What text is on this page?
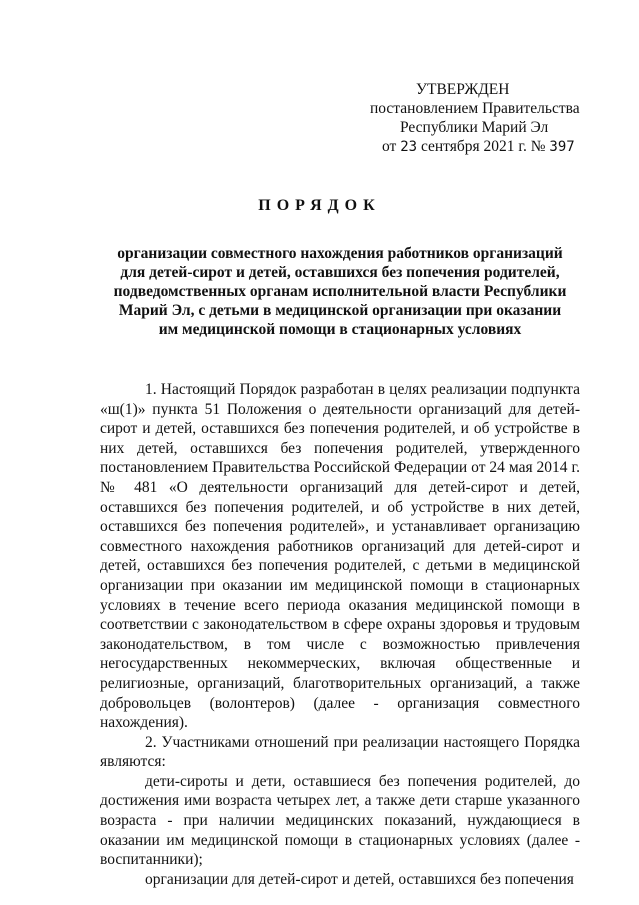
УТВЕРЖДЕН
постановлением Правительства
Республики Марий Эл
от 23 сентября 2021 г. № 397
ПОРЯДОК
организации совместного нахождения работников организаций
для детей-сирот и детей, оставшихся без попечения родителей,
подведомственных органам исполнительной власти Республики
Марий Эл, с детьми в медицинской организации при оказании
им медицинской помощи в стационарных условиях

1. Настоящий Порядок разработан в целях реализации подпункта «ш(1)» пункта 51 Положения о деятельности организаций для детей-сирот и детей, оставшихся без попечения родителей, и об устройстве в них детей, оставшихся без попечения родителей, утвержденного постановлением Правительства Российской Федерации от 24 мая 2014 г. № 481 «О деятельности организаций для детей-сирот и детей, оставшихся без попечения родителей, и об устройстве в них детей, оставшихся без попечения родителей», и устанавливает организацию совместного нахождения работников организаций для детей-сирот и детей, оставшихся без попечения родителей, с детьми в медицинской организации при оказании им медицинской помощи в стационарных условиях в течение всего периода оказания медицинской помощи в соответствии с законодательством в сфере охраны здоровья и трудовым законодательством, в том числе с возможностью привлечения негосударственных некоммерческих, включая общественные и религиозные, организаций, благотворительных организаций, а также добровольцев (волонтеров) (далее - организация совместного нахождения).

2. Участниками отношений при реализации настоящего Порядка являются:

дети-сироты и дети, оставшиеся без попечения родителей, до достижения ими возраста четырех лет, а также дети старше указанного возраста - при наличии медицинских показаний, нуждающиеся в оказании им медицинской помощи в стационарных условиях (далее - воспитанники);

организации для детей-сирот и детей, оставшихся без попечения
